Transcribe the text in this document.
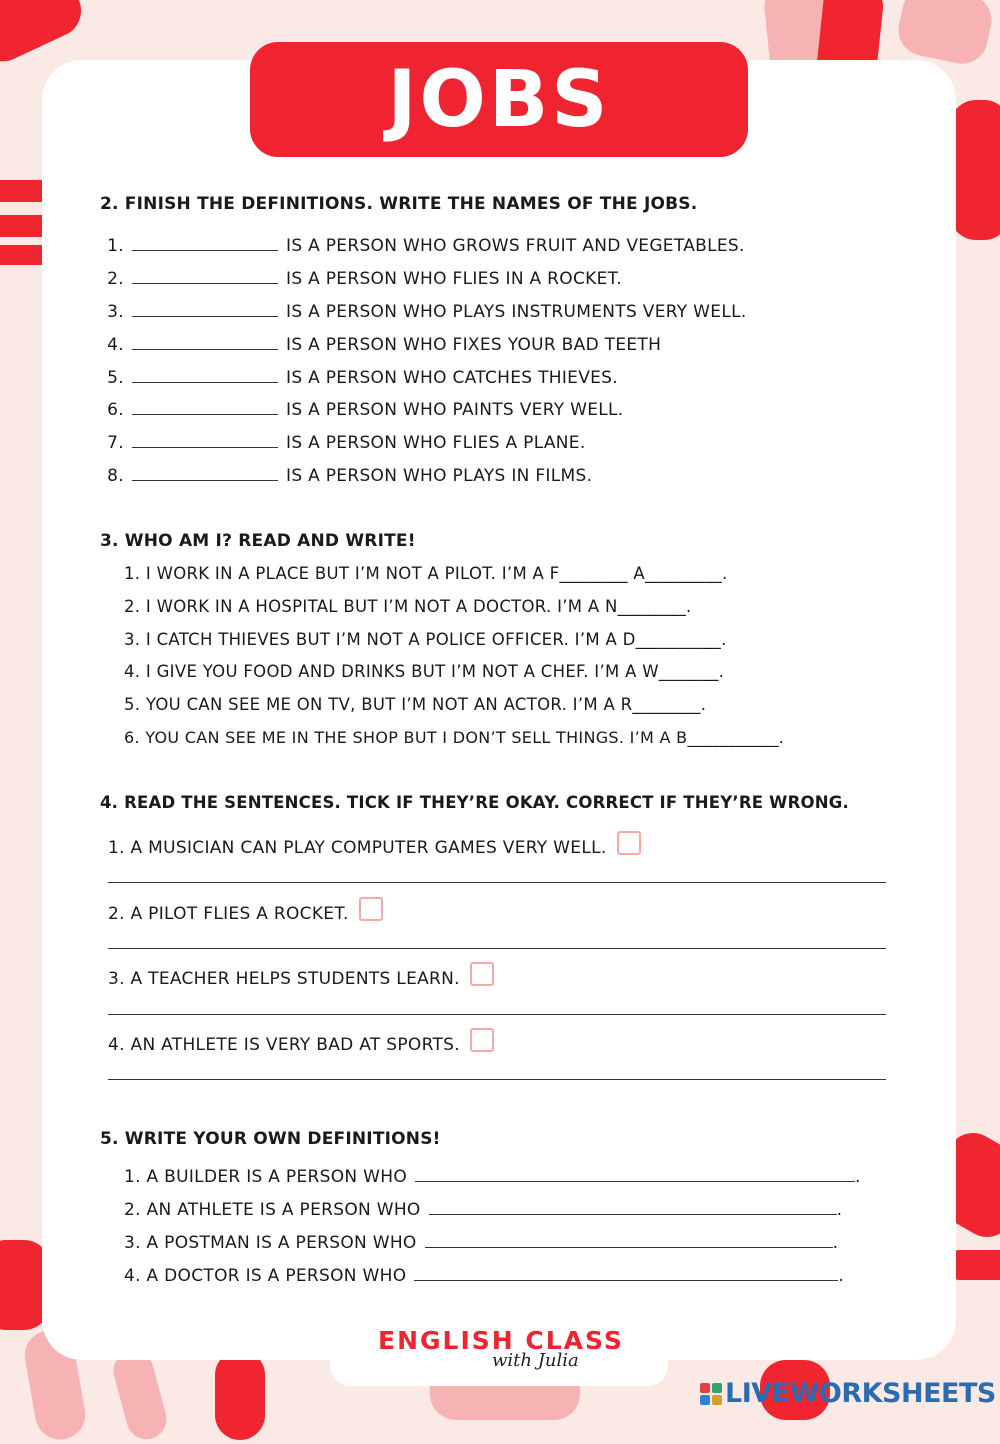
JOBS
2. FINISH THE DEFINITIONS. WRITE THE NAMES OF THE JOBS.
1.	IS A PERSON WHO GROWS FRUIT AND VEGETABLES.
2.	IS A PERSON WHO FLIES IN A ROCKET.
3.	IS A PERSON WHO PLAYS INSTRUMENTS VERY WELL.
4.	IS A PERSON WHO FIXES YOUR BAD TEETH
5.	IS A PERSON WHO CATCHES THIEVES.
6.	IS A PERSON WHO PAINTS VERY WELL.
7.	IS A PERSON WHO FLIES A PLANE.
8.	IS A PERSON WHO PLAYS IN FILMS.
3. WHO AM I? READ AND WRITE!
1. I WORK IN A PLACE BUT I’M NOT A PILOT. I’M A F________ A_________.
2. I WORK IN A HOSPITAL BUT I’M NOT A DOCTOR. I’M A N________.
3. I CATCH THIEVES BUT I’M NOT A POLICE OFFICER. I’M A D__________.
4. I GIVE YOU FOOD AND DRINKS BUT I’M NOT A CHEF. I’M A W_______.
5. YOU CAN SEE ME ON TV, BUT I’M NOT AN ACTOR. I’M A R________.
6. YOU CAN SEE ME IN THE SHOP BUT I DON’T SELL THINGS. I’M A B___________.
4. READ THE SENTENCES. TICK IF THEY’RE OKAY. CORRECT IF THEY’RE WRONG.
1. A MUSICIAN CAN PLAY COMPUTER GAMES VERY WELL.
2. A PILOT FLIES A ROCKET.
3. A TEACHER HELPS STUDENTS LEARN.
4. AN ATHLETE IS VERY BAD AT SPORTS.
5. WRITE YOUR OWN DEFINITIONS!
1. A BUILDER IS A PERSON WHO	.
2. AN ATHLETE IS A PERSON WHO	.
3. A POSTMAN IS A PERSON WHO	.
4. A DOCTOR IS A PERSON WHO	.
ENGLISH CLASS
with Julia
LIVEWORKSHEETS
